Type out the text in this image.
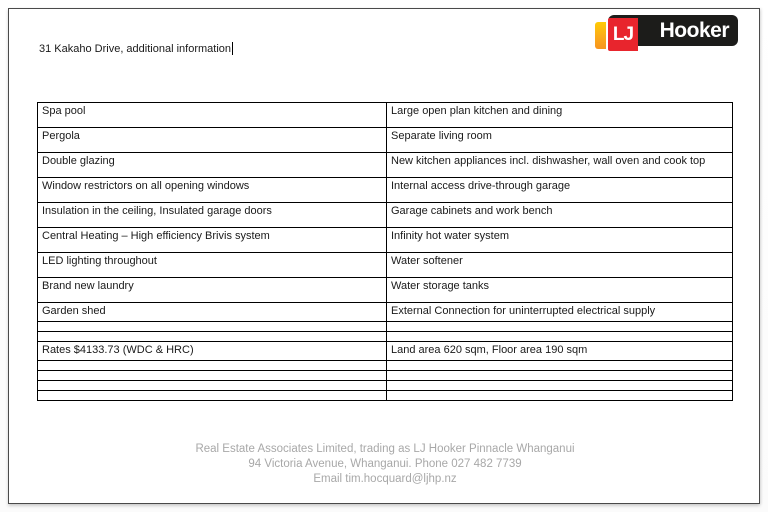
31 Kakaho Drive, additional information
Hooker
LJ
Spa pool	Large open plan kitchen and dining
Pergola	Separate living room
Double glazing	New kitchen appliances incl. dishwasher, wall oven and cook top
Window restrictors on all opening windows	Internal access drive-through garage
Insulation in the ceiling, Insulated garage doors	Garage cabinets and work bench
Central Heating – High efficiency Brivis system	Infinity hot water system
LED lighting throughout	Water softener
Brand new laundry	Water storage tanks
Garden shed	External Connection for uninterrupted electrical supply

Rates $4133.73 (WDC & HRC)	Land area 620 sqm, Floor area 190 sqm

Real Estate Associates Limited, trading as LJ Hooker Pinnacle Whanganui
94 Victoria Avenue, Whanganui. Phone 027 482 7739
Email tim.hocquard@ljhp.nz
